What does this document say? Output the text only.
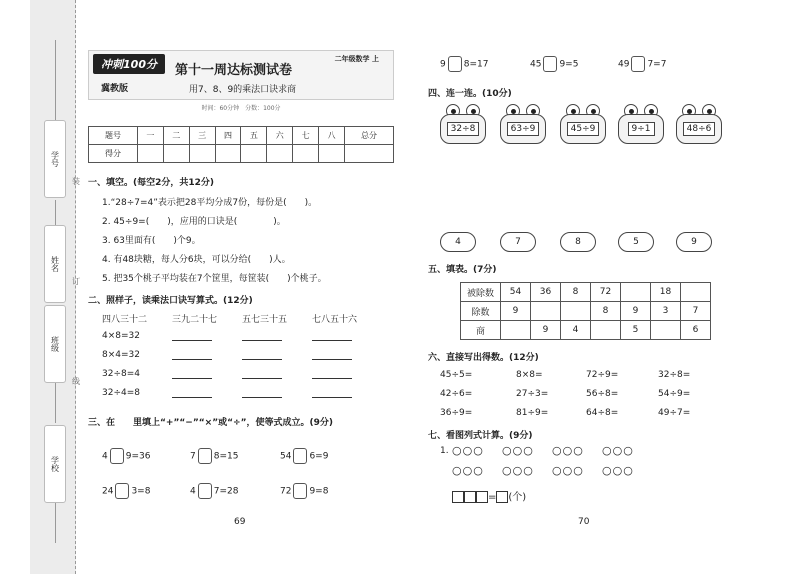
学号
姓名
班级
学校
装
订
线
冲刺100分
冀教版
第十一周达标测试卷
用7、8、9的乘法口诀求商
二年级数学 上
时间：60分钟　分数：100分
题号	一	二	三	四	五	六	七	八	总分
得分									
一、填空。(每空2分，共12分)
1.“28÷7=4”表示把28平均分成7份，每份是(　　)。
2. 45÷9=(　　)，应用的口诀是(　　　　)。
3. 63里面有(　　)个9。
4. 有48块糖，每人分6块，可以分给(　　)人。
5. 把35个桃子平均装在7个筐里，每筐装(　　)个桃子。
二、照样子，读乘法口诀写算式。(12分)
四八三十二	三九二十七	五七三十五	七八五十六
4×8=32
8×4=32
32÷8=4
32÷4=8
三、在　　里填上“+”“−”“×”或“÷”，使等式成立。(9分)
4 9=36	7 8=15	54 6=9
24 3=8	4 7=28	72 9=8
69
9 8=17	45 9=5	49 7=7
四、连一连。(10分)
32÷8	63÷9	45÷9	9÷1	48÷6
4	7	8	5	9
五、填表。(7分)
被除数	54	36	8	72		18	
除数	9			8	9	3	7
商		9	4		5		6
六、直接写出得数。(12分)
45÷5=	8×8=	72÷9=	32÷8=
42÷6=	27÷3=	56÷8=	54÷9=
36÷9=	81÷9=	64÷8=	49÷7=
七、看图列式计算。(9分)
1. ○○○ ○○○ ○○○ ○○○
○○○ ○○○ ○○○ ○○○
= (个)
70
